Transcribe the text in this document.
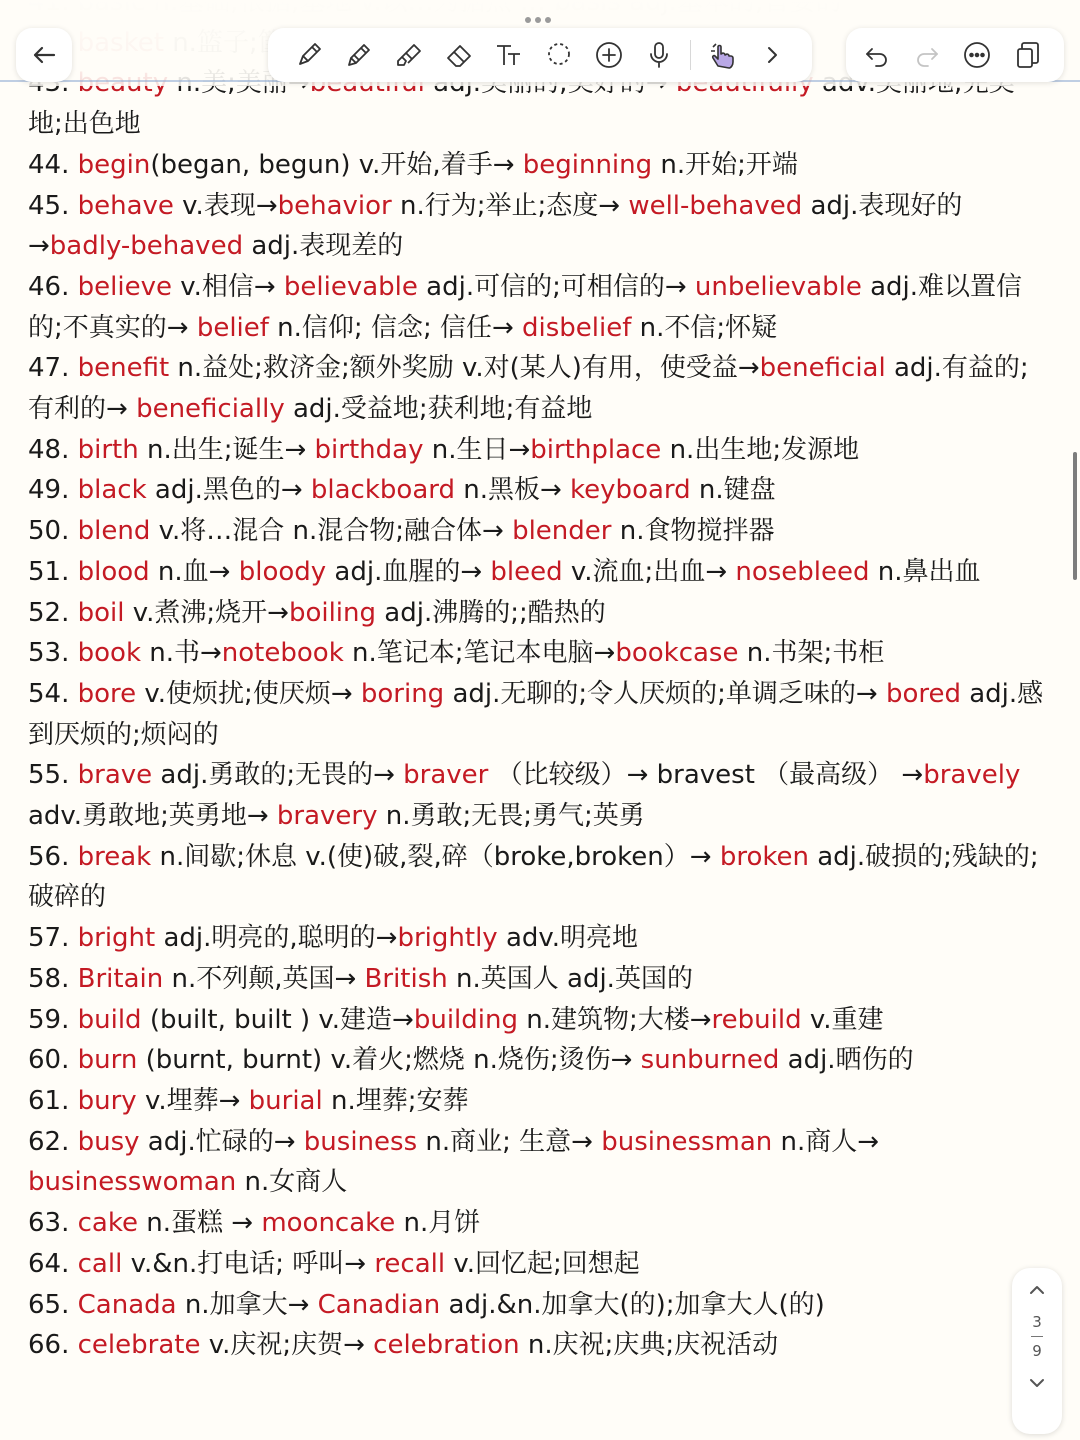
地;出色地

44. begin(began, begun) v.开始,着手→ beginning n.开始;开端

45. behave v.表现→behavior n.行为;举止;态度→ well-behaved adj.表现好的 →badly-behaved adj.表现差的

46. believe v.相信→ believable adj.可信的;可相信的→ unbelievable adj.难以置信的;不真实的→ belief n.信仰; 信念; 信任→ disbelief n.不信;怀疑

47. benefit n.益处;救济金;额外奖励 v.对(某人)有用，使受益→beneficial adj.有益的;有利的→ beneficially adj.受益地;获利地;有益地

48. birth n.出生;诞生→ birthday n.生日→birthplace n.出生地;发源地

49. black adj.黑色的→ blackboard n.黑板→ keyboard n.键盘

50. blend v.将…混合 n.混合物;融合体→ blender n.食物搅拌器

51. blood n.血→ bloody adj.血腥的→ bleed v.流血;出血→ nosebleed n.鼻出血

52. boil v.煮沸;烧开→boiling adj.沸腾的;;酷热的

53. book n.书→notebook n.笔记本;笔记本电脑→bookcase n.书架;书柜

54. bore v.使烦扰;使厌烦→ boring adj.无聊的;令人厌烦的;单调乏味的→ bored adj.感到厌烦的;烦闷的

55. brave adj.勇敢的;无畏的→ braver （比较级）→ bravest （最高级） →bravely adv.勇敢地;英勇地→ bravery n.勇敢;无畏;勇气;英勇

56. break n.间歇;休息 v.(使)破,裂,碎（broke,broken）→ broken adj.破损的;残缺的;破碎的

57. bright adj.明亮的,聪明的→brightly adv.明亮地

58. Britain n.不列颠,英国→ British n.英国人 adj.英国的

59. build (built, built ) v.建造→building n.建筑物;大楼→rebuild v.重建

60. burn (burnt, burnt) v.着火;燃烧 n.烧伤;烫伤→ sunburned adj.晒伤的

61. bury v.埋葬→ burial n.埋葬;安葬

62. busy adj.忙碌的→ business n.商业; 生意→ businessman n.商人→ businesswoman n.女商人

63. cake n.蛋糕 → mooncake n.月饼

64. call v.&n.打电话; 呼叫→ recall v.回忆起;回想起

65. Canada n.加拿大→ Canadian adj.&n.加拿大(的);加拿大人(的)

66. celebrate v.庆祝;庆贺→ celebration n.庆祝;庆典;庆祝活动

3
9
